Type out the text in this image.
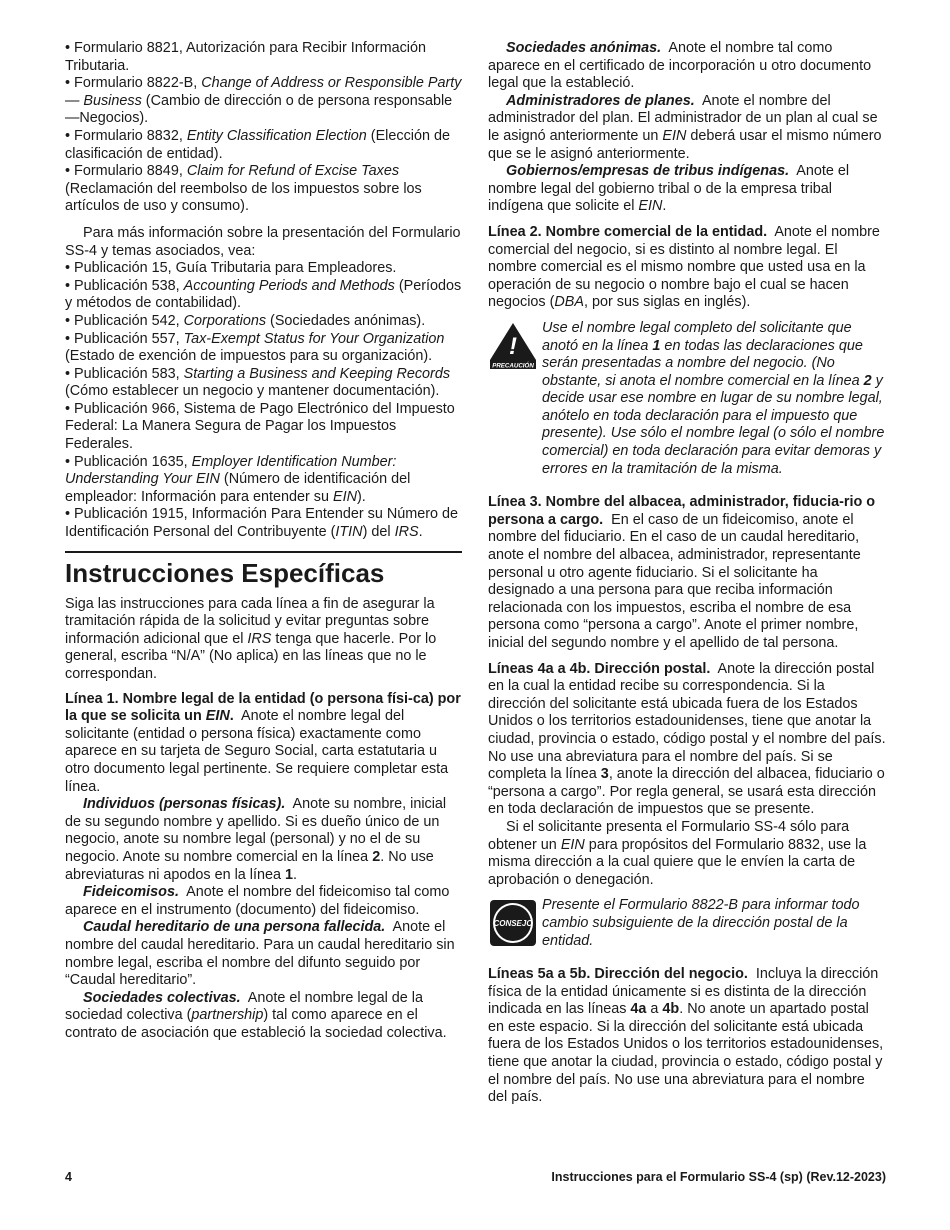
• Formulario 8821, Autorización para Recibir Información Tributaria.

• Formulario 8822-B, Change of Address or Responsible Party — Business (Cambio de dirección o de persona responsable —Negocios).

• Formulario 8832, Entity Classification Election (Elección de clasificación de entidad).

• Formulario 8849, Claim for Refund of Excise Taxes (Reclamación del reembolso de los impuestos sobre los artículos de uso y consumo).

Para más información sobre la presentación del Formulario SS-4 y temas asociados, vea:

• Publicación 15, Guía Tributaria para Empleadores.

• Publicación 538, Accounting Periods and Methods (Períodos y métodos de contabilidad).

• Publicación 542, Corporations (Sociedades anónimas).

• Publicación 557, Tax-Exempt Status for Your Organization (Estado de exención de impuestos para su organización).

• Publicación 583, Starting a Business and Keeping Records (Cómo establecer un negocio y mantener documentación).

• Publicación 966, Sistema de Pago Electrónico del Impuesto Federal: La Manera Segura de Pagar los Impuestos Federales.

• Publicación 1635, Employer Identification Number: Understanding Your EIN (Número de identificación del empleador: Información para entender su EIN).

• Publicación 1915, Información Para Entender su Número de Identificación Personal del Contribuyente (ITIN) del IRS.

Instrucciones Específicas

Siga las instrucciones para cada línea a fin de asegurar la tramitación rápida de la solicitud y evitar preguntas sobre información adicional que el IRS tenga que hacerle. Por lo general, escriba “N/A” (No aplica) en las líneas que no le correspondan.

Línea 1. Nombre legal de la entidad (o persona físi-ca) por la que se solicita un EIN. Anote el nombre legal del solicitante (entidad o persona física) exactamente como aparece en su tarjeta de Seguro Social, carta estatutaria u otro documento legal pertinente. Se requiere completar esta línea.

Individuos (personas físicas). Anote su nombre, inicial de su segundo nombre y apellido. Si es dueño único de un negocio, anote su nombre legal (personal) y no el de su negocio. Anote su nombre comercial en la línea 2. No use abreviaturas ni apodos en la línea 1.

Fideicomisos. Anote el nombre del fideicomiso tal como aparece en el instrumento (documento) del fideicomiso.

Caudal hereditario de una persona fallecida. Anote el nombre del caudal hereditario. Para un caudal hereditario sin nombre legal, escriba el nombre del difunto seguido por “Caudal hereditario”.

Sociedades colectivas. Anote el nombre legal de la sociedad colectiva (partnership) tal como aparece en el contrato de asociación que estableció la sociedad colectiva.

Sociedades anónimas. Anote el nombre tal como aparece en el certificado de incorporación u otro documento legal que la estableció.

Administradores de planes. Anote el nombre del administrador del plan. El administrador de un plan al cual se le asignó anteriormente un EIN deberá usar el mismo número que se le asignó anteriormente.

Gobiernos/empresas de tribus indígenas. Anote el nombre legal del gobierno tribal o de la empresa tribal indígena que solicite el EIN.

Línea 2. Nombre comercial de la entidad. Anote el nombre comercial del negocio, si es distinto al nombre legal. El nombre comercial es el mismo nombre que usted usa en la operación de su negocio o nombre bajo el cual se hacen negocios (DBA, por sus siglas en inglés).

!
PRECAUCIÓN
Use el nombre legal completo del solicitante que anotó en la línea 1 en todas las declaraciones que serán presentadas a nombre del negocio. (No obstante, si anota el nombre comercial en la línea 2 y decide usar ese nombre en lugar de su nombre legal, anótelo en toda declaración para el impuesto que presente). Use sólo el nombre legal (o sólo el nombre comercial) en toda declaración para evitar demoras y errores en la tramitación de la misma.

Línea 3. Nombre del albacea, administrador, fiducia-rio o persona a cargo. En el caso de un fideicomiso, anote el nombre del fiduciario. En el caso de un caudal hereditario, anote el nombre del albacea, administrador, representante personal u otro agente fiduciario. Si el solicitante ha designado a una persona para que reciba información relacionada con los impuestos, escriba el nombre de esa persona como “persona a cargo”. Anote el primer nombre, inicial del segundo nombre y el apellido de tal persona.

Líneas 4a a 4b. Dirección postal. Anote la dirección postal en la cual la entidad recibe su correspondencia. Si la dirección del solicitante está ubicada fuera de los Estados Unidos o los territorios estadounidenses, tiene que anotar la ciudad, provincia o estado, código postal y el nombre del país. No use una abreviatura para el nombre del país. Si se completa la línea 3, anote la dirección del albacea, fiduciario o “persona a cargo”. Por regla general, se usará esta dirección en toda declaración de impuestos que se presente.

Si el solicitante presenta el Formulario SS-4 sólo para obtener un EIN para propósitos del Formulario 8832, use la misma dirección a la cual quiere que le envíen la carta de aprobación o denegación.

CONSEJO
Presente el Formulario 8822-B para informar todo cambio subsiguiente de la dirección postal de la entidad.

Líneas 5a a 5b. Dirección del negocio. Incluya la dirección física de la entidad únicamente si es distinta de la dirección indicada en las líneas 4a a 4b. No anote un apartado postal en este espacio. Si la dirección del solicitante está ubicada fuera de los Estados Unidos o los territorios estadounidenses, tiene que anotar la ciudad, provincia o estado, código postal y el nombre del país. No use una abreviatura para el nombre del país.

4	Instrucciones para el Formulario SS-4 (sp) (Rev.12-2023)
